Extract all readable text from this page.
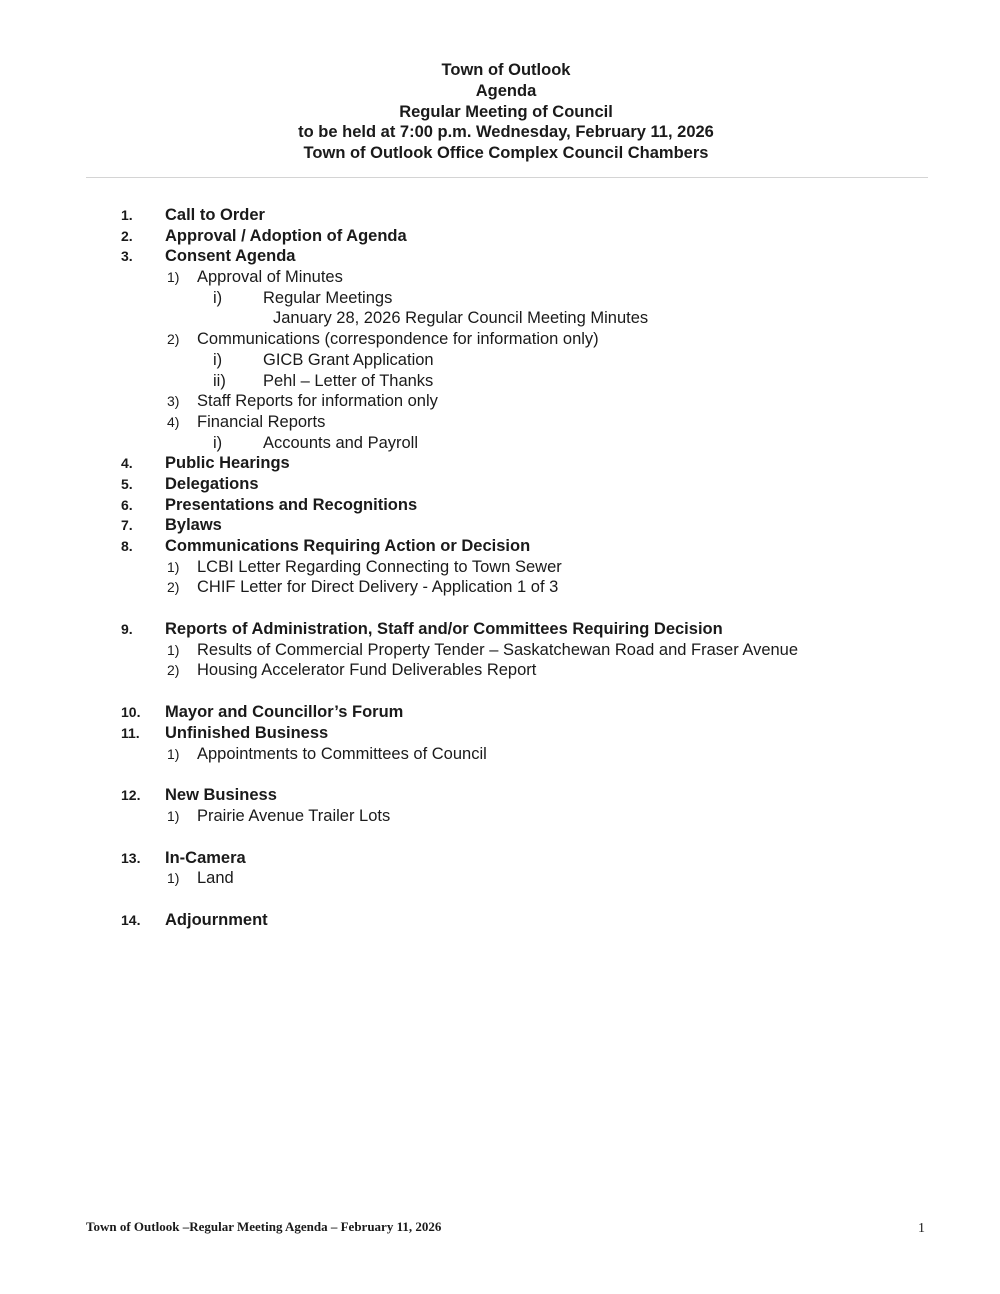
Town of Outlook
Agenda
Regular Meeting of Council
to be held at 7:00 p.m. Wednesday, February 11, 2026
Town of Outlook Office Complex Council Chambers
1. Call to Order
2. Approval / Adoption of Agenda
3. Consent Agenda
1) Approval of Minutes
i) Regular Meetings
January 28, 2026 Regular Council Meeting Minutes
2) Communications (correspondence for information only)
i) GICB Grant Application
ii) Pehl – Letter of Thanks
3) Staff Reports for information only
4) Financial Reports
i) Accounts and Payroll
4. Public Hearings
5. Delegations
6. Presentations and Recognitions
7. Bylaws
8. Communications Requiring Action or Decision
1) LCBI Letter Regarding Connecting to Town Sewer
2) CHIF Letter for Direct Delivery - Application 1 of 3
9. Reports of Administration, Staff and/or Committees Requiring Decision
1) Results of Commercial Property Tender – Saskatchewan Road and Fraser Avenue
2) Housing Accelerator Fund Deliverables Report
10. Mayor and Councillor’s Forum
11. Unfinished Business
1) Appointments to Committees of Council
12. New Business
1) Prairie Avenue Trailer Lots
13. In-Camera
1) Land
14. Adjournment
Town of Outlook –Regular Meeting Agenda – February 11, 2026	1
